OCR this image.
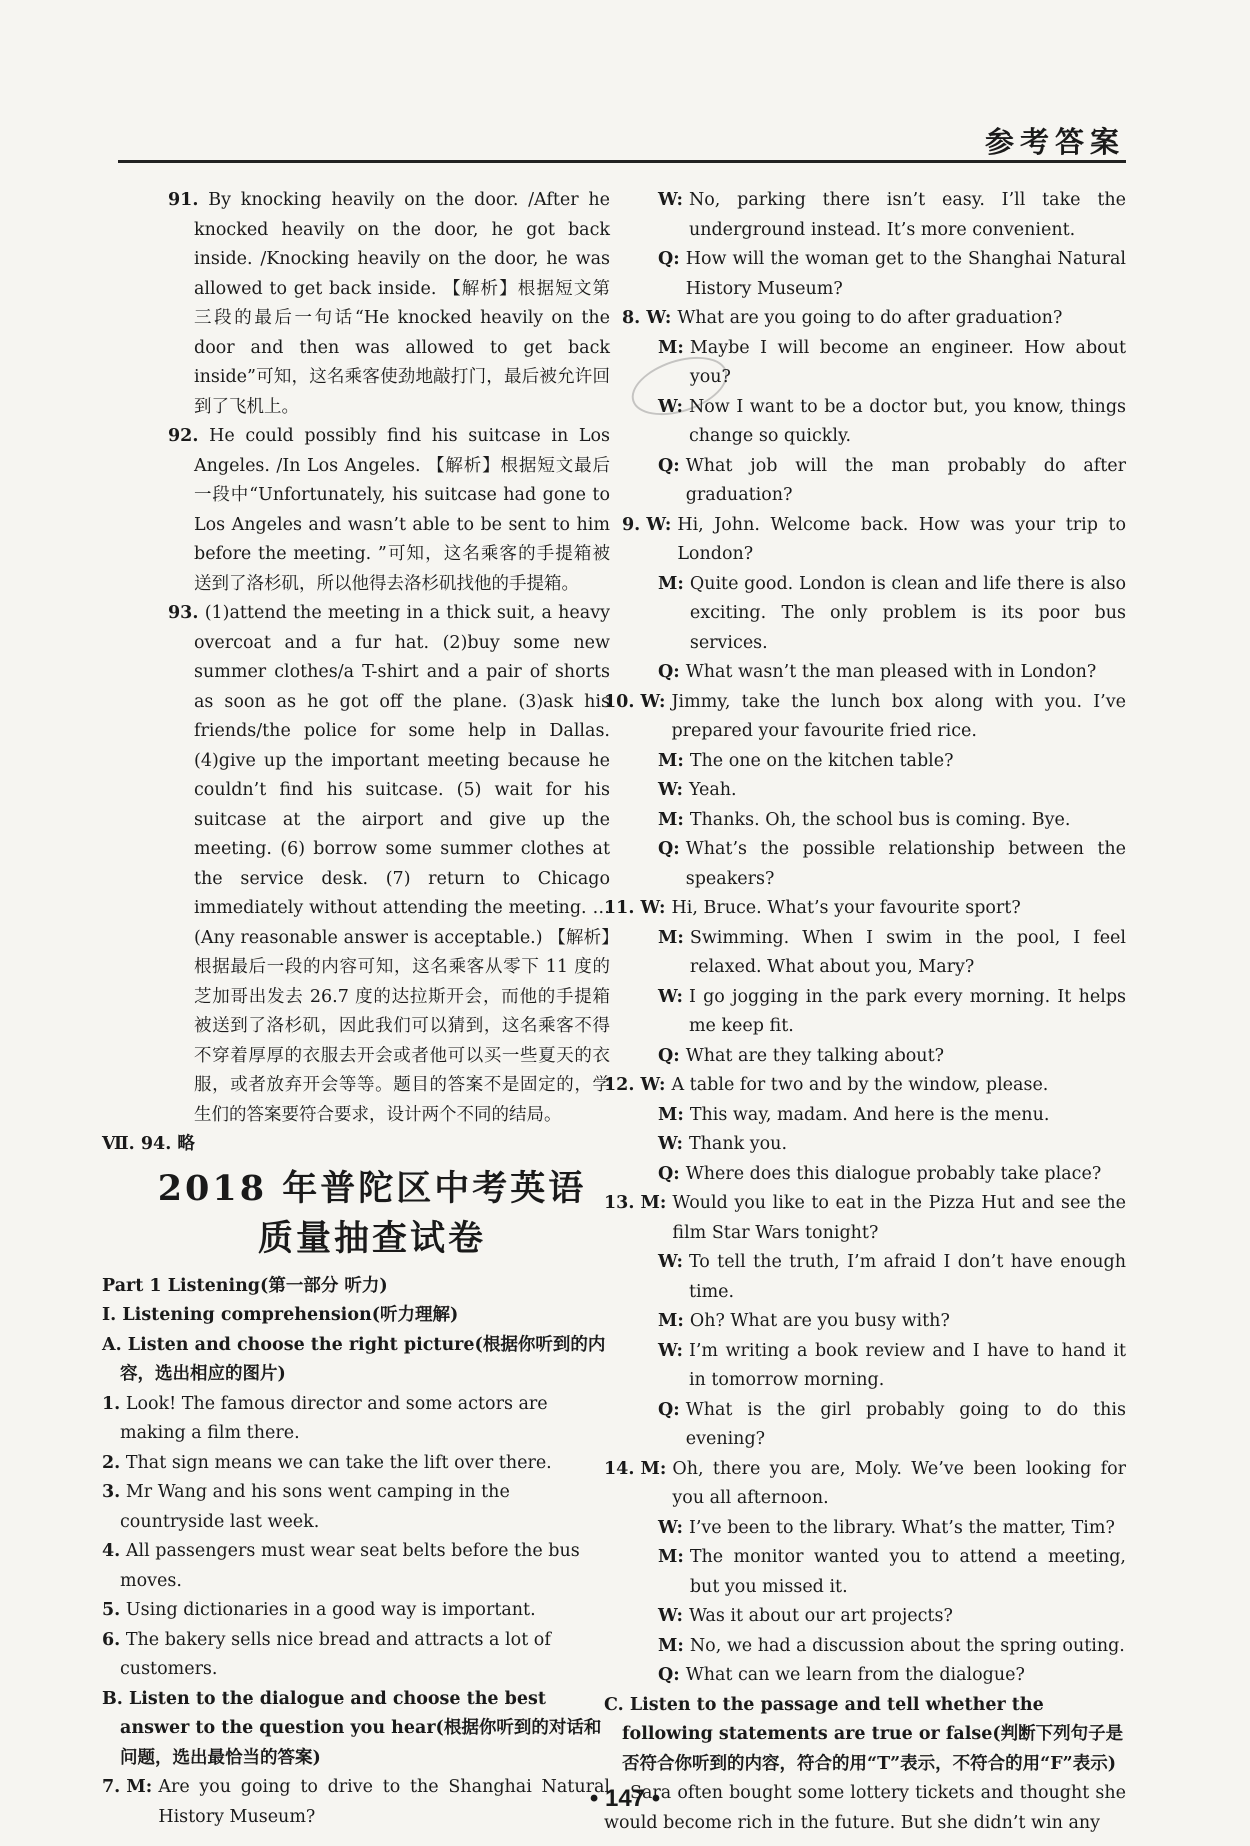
参考答案

91. By knocking heavily on the door. /After he knocked heavily on the door, he got back inside. /Knocking heavily on the door, he was allowed to get back inside. 【解析】根据短文第三段的最后一句话“He knocked heavily on the door and then was allowed to get back inside”可知，这名乘客使劲地敲打门，最后被允许回到了飞机上。

92. He could possibly find his suitcase in Los Angeles. /In Los Angeles. 【解析】根据短文最后一段中“Unfortunately, his suitcase had gone to Los Angeles and wasn’t able to be sent to him before the meeting. ”可知，这名乘客的手提箱被送到了洛杉矶，所以他得去洛杉矶找他的手提箱。

93. (1)attend the meeting in a thick suit, a heavy overcoat and a fur hat. (2)buy some new summer clothes/a T-shirt and a pair of shorts as soon as he got off the plane. (3)ask his friends/the police for some help in Dallas. (4)give up the important meeting because he couldn’t find his suitcase. (5) wait for his suitcase at the airport and give up the meeting. (6) borrow some summer clothes at the service desk. (7) return to Chicago immediately without attending the meeting. …(Any reasonable answer is acceptable.) 【解析】根据最后一段的内容可知，这名乘客从零下 11 度的芝加哥出发去 26.7 度的达拉斯开会，而他的手提箱被送到了洛杉矶，因此我们可以猜到，这名乘客不得不穿着厚厚的衣服去开会或者他可以买一些夏天的衣服，或者放弃开会等等。题目的答案不是固定的，学生们的答案要符合要求，设计两个不同的结局。

Ⅶ. 94. 略

2018 年普陀区中考英语
质量抽查试卷

Part 1 Listening(第一部分 听力)

Ⅰ. Listening comprehension(听力理解)

A. Listen and choose the right picture(根据你听到的内容，选出相应的图片)

1. Look! The famous director and some actors are making a film there.

2. That sign means we can take the lift over there.

3. Mr Wang and his sons went camping in the countryside last week.

4. All passengers must wear seat belts before the bus moves.

5. Using dictionaries in a good way is important.

6. The bakery sells nice bread and attracts a lot of customers.

B. Listen to the dialogue and choose the best answer to the question you hear(根据你听到的对话和问题，选出最恰当的答案)

7. M: Are you going to drive to the Shanghai Natural History Museum?
W: No, parking there isn’t easy. I’ll take the underground instead. It’s more convenient.
Q: How will the woman get to the Shanghai Natural History Museum?
8. W: What are you going to do after graduation?
M: Maybe I will become an engineer. How about you?
W: Now I want to be a doctor but, you know, things change so quickly.
Q: What job will the man probably do after graduation?
9. W: Hi, John. Welcome back. How was your trip to London?
M: Quite good. London is clean and life there is also exciting. The only problem is its poor bus services.
Q: What wasn’t the man pleased with in London?
10. W: Jimmy, take the lunch box along with you. I’ve prepared your favourite fried rice.
M: The one on the kitchen table?
W: Yeah.
M: Thanks. Oh, the school bus is coming. Bye.
Q: What’s the possible relationship between the speakers?
11. W: Hi, Bruce. What’s your favourite sport?
M: Swimming. When I swim in the pool, I feel relaxed. What about you, Mary?
W: I go jogging in the park every morning. It helps me keep fit.
Q: What are they talking about?
12. W: A table for two and by the window, please.
M: This way, madam. And here is the menu.
W: Thank you.
Q: Where does this dialogue probably take place?
13. M: Would you like to eat in the Pizza Hut and see the film Star Wars tonight?
W: To tell the truth, I’m afraid I don’t have enough time.
M: Oh? What are you busy with?
W: I’m writing a book review and I have to hand it in tomorrow morning.
Q: What is the girl probably going to do this evening?
14. M: Oh, there you are, Moly. We’ve been looking for you all afternoon.
W: I’ve been to the library. What’s the matter, Tim?
M: The monitor wanted you to attend a meeting, but you missed it.
W: Was it about our art projects?
M: No, we had a discussion about the spring outing.
Q: What can we learn from the dialogue?

C. Listen to the passage and tell whether the following statements are true or false(判断下列句子是否符合你听到的内容，符合的用“T”表示，不符合的用“F”表示)

Sara often bought some lottery tickets and thought she would become rich in the future. But she didn’t win any

• 147 •
